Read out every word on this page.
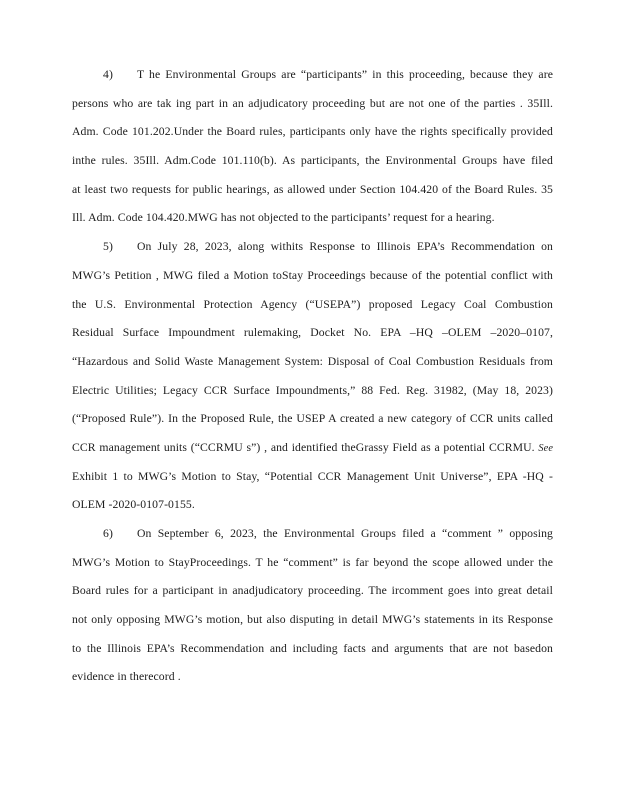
4) T he Environmental Groups are “participants” in this proceeding, because they are
persons who are tak ing part in an adjudicatory proceeding but are not one of the parties . 35Ill.
Adm. Code 101.202.Under the Board rules, participants only have the rights specifically provided
inthe rules. 35Ill. Adm.Code 101.110(b). As participants, the Environmental Groups have filed
at least two requests for public hearings, as allowed under Section 104.420 of the Board Rules. 35
Ill. Adm. Code 104.420.MWG has not objected to the participants’ request for a hearing.
5) On July 28, 2023, along withits Response to Illinois EPA’s Recommendation on
MWG’s Petition , MWG filed a Motion toStay Proceedings because of the potential conflict with
the U.S. Environmental Protection Agency (“USEPA”) proposed Legacy Coal Combustion
Residual Surface Impoundment rulemaking, Docket No. EPA –HQ –OLEM –2020–0107,
“Hazardous and Solid Waste Management System: Disposal of Coal Combustion Residuals from
Electric Utilities; Legacy CCR Surface Impoundments,” 88 Fed. Reg. 31982, (May 18, 2023)
(“Proposed Rule”). In the Proposed Rule, the USEP A created a new category of CCR units called
CCR management units (“CCRMU s”) , and identified theGrassy Field as a potential CCRMU. See
Exhibit 1 to MWG’s Motion to Stay, “Potential CCR Management Unit Universe”, EPA -HQ -
OLEM -2020-0107-0155.
6) On September 6, 2023, the Environmental Groups filed a “comment ” opposing
MWG’s Motion to StayProceedings. T he “comment” is far beyond the scope allowed under the
Board rules for a participant in anadjudicatory proceeding. The ircomment goes into great detail
not only opposing MWG’s motion, but also disputing in detail MWG’s statements in its Response
to the Illinois EPA’s Recommendation and including facts and arguments that are not basedon
evidence in therecord .
